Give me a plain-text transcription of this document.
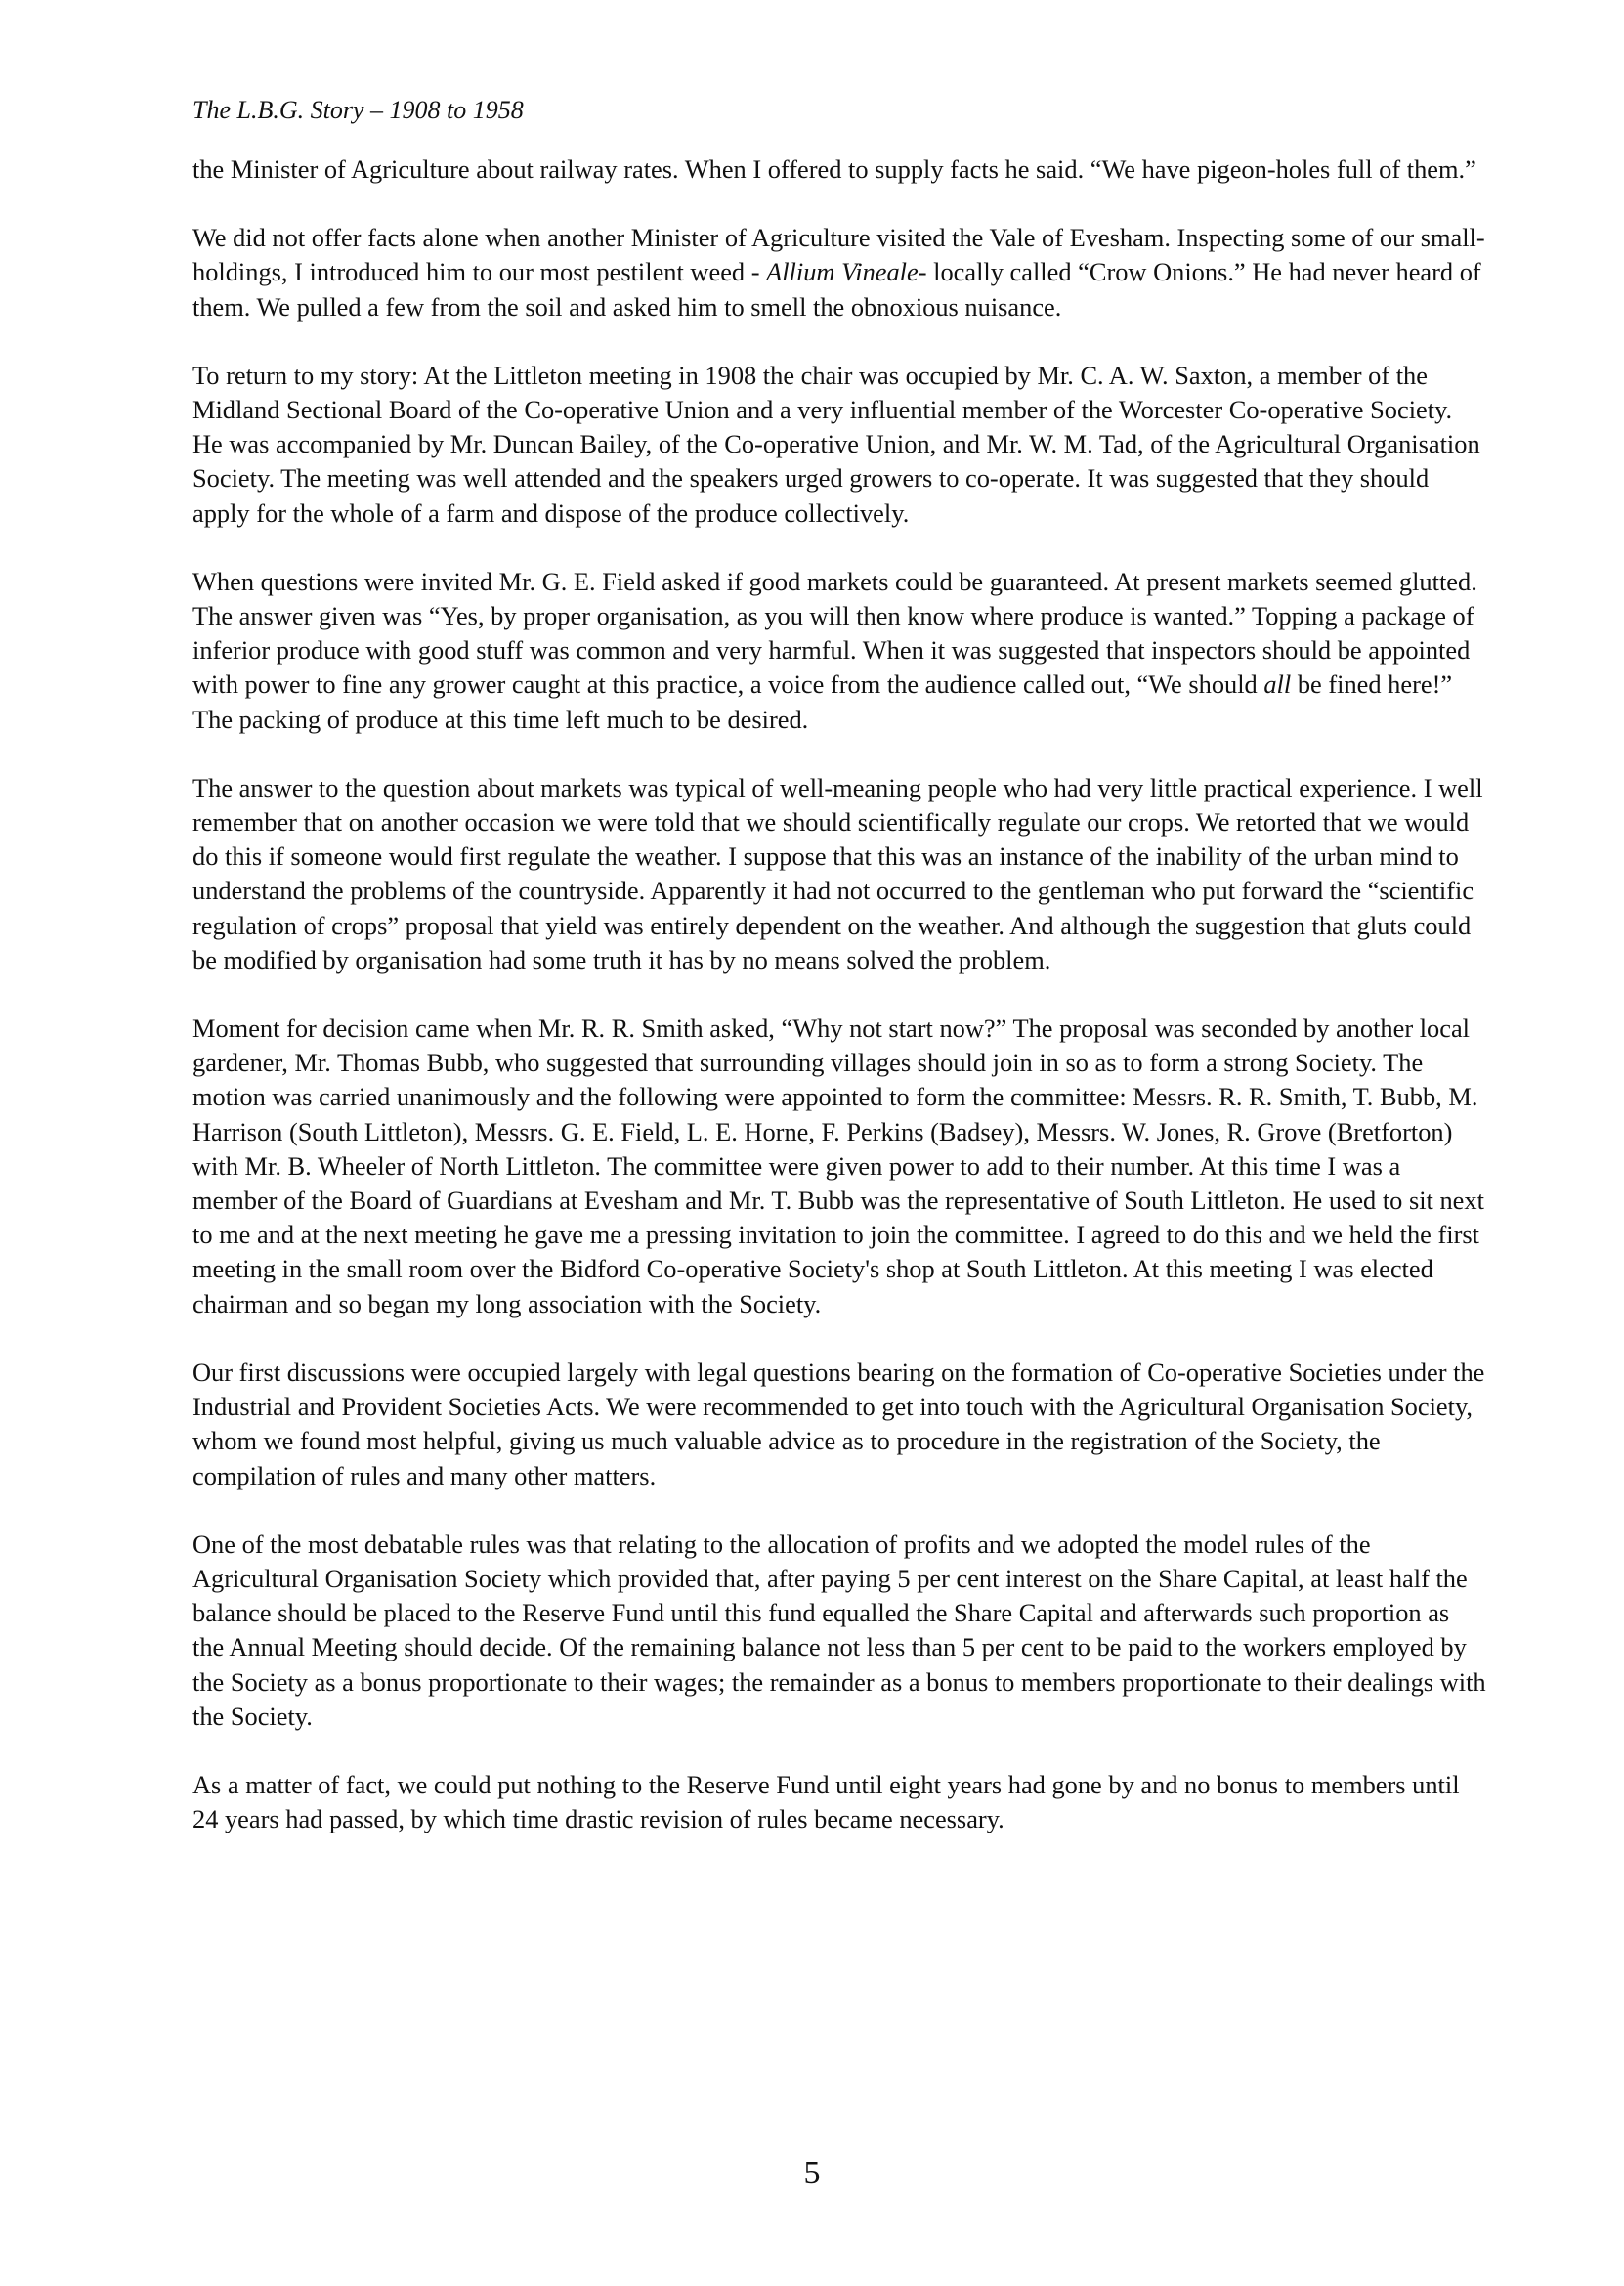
The L.B.G. Story – 1908 to 1958

the Minister of Agriculture about railway rates. When I offered to supply facts he said. “We have pigeon-holes full of them.”

We did not offer facts alone when another Minister of Agriculture visited the Vale of Evesham. Inspecting some of our small-holdings, I introduced him to our most pestilent weed - Allium Vineale- locally called “Crow Onions.” He had never heard of them. We pulled a few from the soil and asked him to smell the obnoxious nuisance.

To return to my story: At the Littleton meeting in 1908 the chair was occupied by Mr. C. A. W. Saxton, a member of the Midland Sectional Board of the Co-operative Union and a very influential member of the Worcester Co-operative Society. He was accompanied by Mr. Duncan Bailey, of the Co-operative Union, and Mr. W. M. Tad, of the Agricultural Organisation Society. The meeting was well attended and the speakers urged growers to co-operate. It was suggested that they should apply for the whole of a farm and dispose of the produce collectively.

When questions were invited Mr. G. E. Field asked if good markets could be guaranteed. At present markets seemed glutted. The answer given was “Yes, by proper organisation, as you will then know where produce is wanted.” Topping a package of inferior produce with good stuff was common and very harmful. When it was suggested that inspectors should be appointed with power to fine any grower caught at this practice, a voice from the audience called out, “We should all be fined here!” The packing of produce at this time left much to be desired.

The answer to the question about markets was typical of well-meaning people who had very little practical experience. I well remember that on another occasion we were told that we should scientifically regulate our crops. We retorted that we would do this if someone would first regulate the weather. I suppose that this was an instance of the inability of the urban mind to understand the problems of the countryside. Apparently it had not occurred to the gentleman who put forward the “scientific regulation of crops” proposal that yield was entirely dependent on the weather. And although the suggestion that gluts could be modified by organisation had some truth it has by no means solved the problem.

Moment for decision came when Mr. R. R. Smith asked, “Why not start now?” The proposal was seconded by another local gardener, Mr. Thomas Bubb, who suggested that surrounding villages should join in so as to form a strong Society. The motion was carried unanimously and the following were appointed to form the committee: Messrs. R. R. Smith, T. Bubb, M. Harrison (South Littleton), Messrs. G. E. Field, L. E. Horne, F. Perkins (Badsey), Messrs. W. Jones, R. Grove (Bretforton) with Mr. B. Wheeler of North Littleton. The committee were given power to add to their number. At this time I was a member of the Board of Guardians at Evesham and Mr. T. Bubb was the representative of South Littleton. He used to sit next to me and at the next meeting he gave me a pressing invitation to join the committee. I agreed to do this and we held the first meeting in the small room over the Bidford Co-operative Society's shop at South Littleton. At this meeting I was elected chairman and so began my long association with the Society.

Our first discussions were occupied largely with legal questions bearing on the formation of Co-operative Societies under the Industrial and Provident Societies Acts. We were recommended to get into touch with the Agricultural Organisation Society, whom we found most helpful, giving us much valuable advice as to procedure in the registration of the Society, the compilation of rules and many other matters.

One of the most debatable rules was that relating to the allocation of profits and we adopted the model rules of the Agricultural Organisation Society which provided that, after paying 5 per cent interest on the Share Capital, at least half the balance should be placed to the Reserve Fund until this fund equalled the Share Capital and afterwards such proportion as the Annual Meeting should decide. Of the remaining balance not less than 5 per cent to be paid to the workers employed by the Society as a bonus proportionate to their wages; the remainder as a bonus to members proportionate to their dealings with the Society.

As a matter of fact, we could put nothing to the Reserve Fund until eight years had gone by and no bonus to members until 24 years had passed, by which time drastic revision of rules became necessary.

5
